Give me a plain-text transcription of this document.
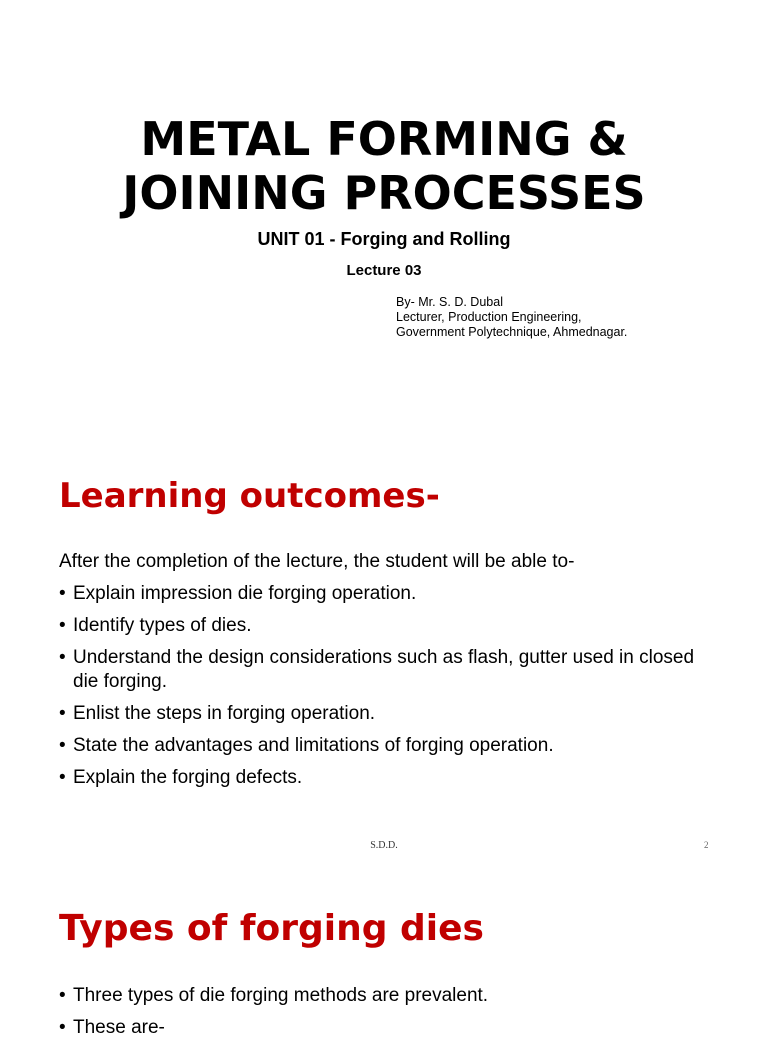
METAL FORMING &
JOINING PROCESSES
UNIT 01 - Forging and Rolling
Lecture 03
By- Mr. S. D. Dubal
Lecturer, Production Engineering,
Government Polytechnique, Ahmednagar.
Learning outcomes-
After the completion of the lecture, the student will be able to-
• Explain impression die forging operation.
• Identify types of dies.
• Understand the design considerations such as flash, gutter used in closed die forging.
• Enlist the steps in forging operation.
• State the advantages and limitations of forging operation.
• Explain the forging defects.
S.D.D.	2
Types of forging dies
• Three types of die forging methods are prevalent.
• These are-
